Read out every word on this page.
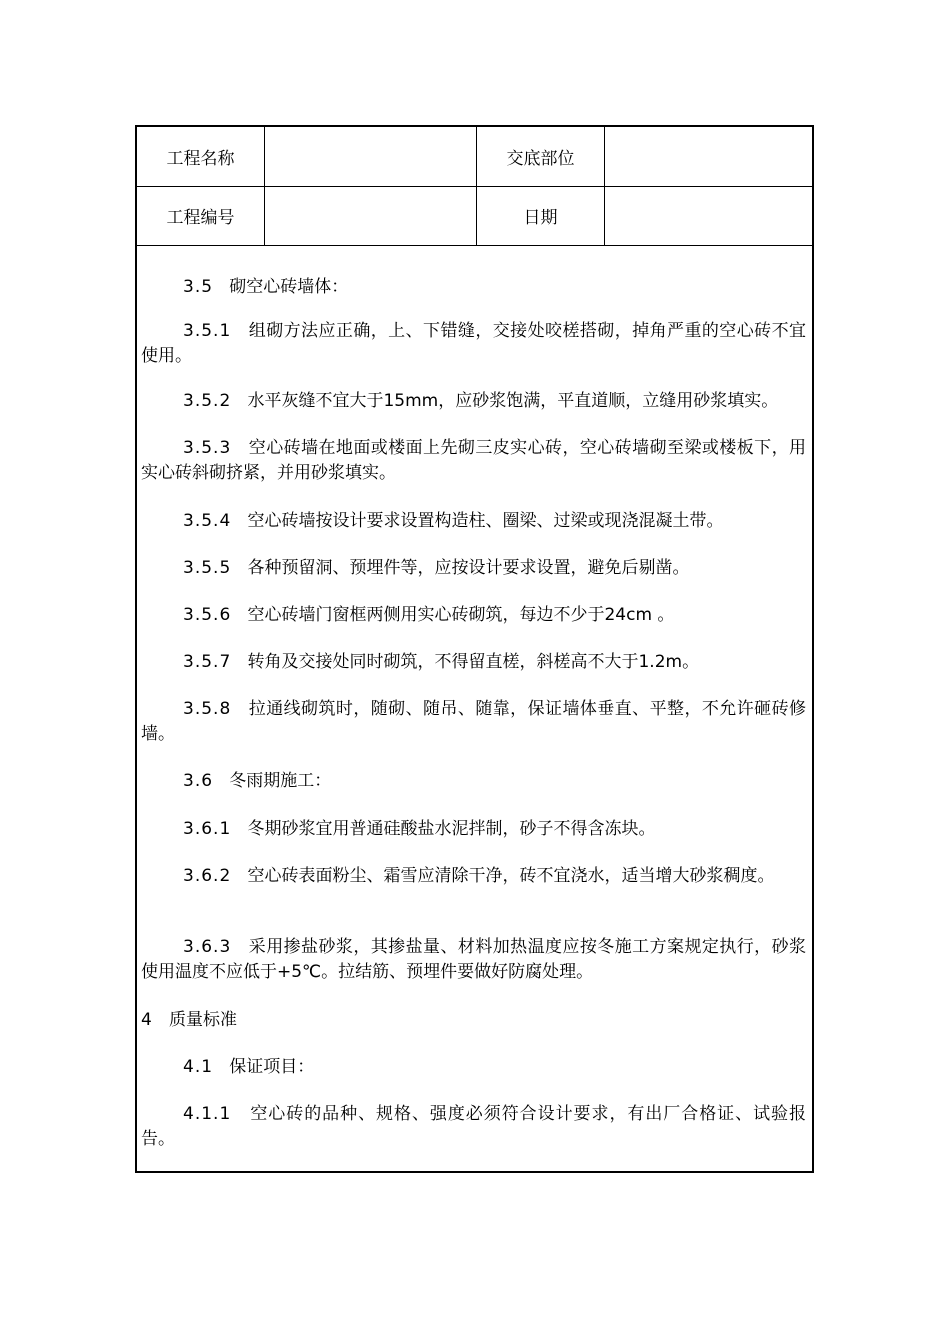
工程名称	交底部位
工程编号	日期

3.5 砌空心砖墙体：

3.5.1 组砌方法应正确，上、下错缝，交接处咬槎搭砌，掉角严重的空心砖不宜使用。

3.5.2 水平灰缝不宜大于15mm，应砂浆饱满，平直道顺，立缝用砂浆填实。

3.5.3 空心砖墙在地面或楼面上先砌三皮实心砖，空心砖墙砌至梁或楼板下，用实心砖斜砌挤紧，并用砂浆填实。

3.5.4 空心砖墙按设计要求设置构造柱、圈梁、过梁或现浇混凝土带。

3.5.5 各种预留洞、预埋件等，应按设计要求设置，避免后剔凿。

3.5.6 空心砖墙门窗框两侧用实心砖砌筑，每边不少于24cm 。

3.5.7 转角及交接处同时砌筑，不得留直槎，斜槎高不大于1.2m。

3.5.8 拉通线砌筑时，随砌、随吊、随靠，保证墙体垂直、平整，不允许砸砖修墙。

3.6 冬雨期施工：

3.6.1 冬期砂浆宜用普通硅酸盐水泥拌制，砂子不得含冻块。

3.6.2 空心砖表面粉尘、霜雪应清除干净，砖不宜浇水，适当增大砂浆稠度。

3.6.3 采用掺盐砂浆，其掺盐量、材料加热温度应按冬施工方案规定执行，砂浆使用温度不应低于+5℃。拉结筋、预埋件要做好防腐处理。

4 质量标准

4.1 保证项目：

4.1.1 空心砖的品种、规格、强度必须符合设计要求，有出厂合格证、试验报告。
